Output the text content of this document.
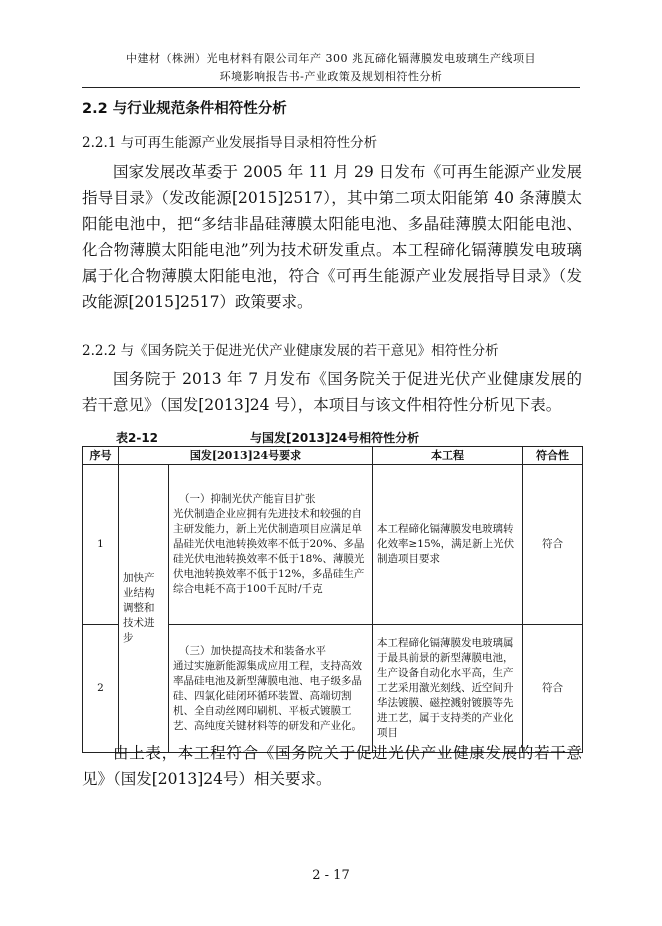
中建材（株洲）光电材料有限公司年产 300 兆瓦碲化镉薄膜发电玻璃生产线项目
环境影响报告书-产业政策及规划相符性分析
2.2 与行业规范条件相符性分析
2.2.1 与可再生能源产业发展指导目录相符性分析
国家发展改革委于 2005 年 11 月 29 日发布《可再生能源产业发展指导目录》（发改能源[2015]2517），其中第二项太阳能第 40 条薄膜太阳能电池中，把“多结非晶硅薄膜太阳能电池、多晶硅薄膜太阳能电池、化合物薄膜太阳能电池”列为技术研发重点。本工程碲化镉薄膜发电玻璃属于化合物薄膜太阳能电池，符合《可再生能源产业发展指导目录》（发改能源[2015]2517）政策要求。
2.2.2 与《国务院关于促进光伏产业健康发展的若干意见》相符性分析
国务院于 2013 年 7 月发布《国务院关于促进光伏产业健康发展的若干意见》（国发[2013]24 号），本项目与该文件相符性分析见下表。
表2-12	与国发[2013]24号相符性分析
序号	国发[2013]24号要求		本工程	符合性
1	加快产业结构调整和技术进步	（一）抑制光伏产能盲目扩张
光伏制造企业应拥有先进技术和较强的自主研发能力，新上光伏制造项目应满足单晶硅光伏电池转换效率不低于20%、多晶硅光伏电池转换效率不低于18%、薄膜光伏电池转换效率不低于12%，多晶硅生产综合电耗不高于100千瓦时/千克	本工程碲化镉薄膜发电玻璃转化效率≥15%，满足新上光伏制造项目要求	符合
2		（三）加快提高技术和装备水平
通过实施新能源集成应用工程，支持高效率晶硅电池及新型薄膜电池、电子级多晶硅、四氯化硅闭环循环装置、高端切割机、全自动丝网印刷机、平板式镀膜工艺、高纯度关键材料等的研发和产业化。	本工程碲化镉薄膜发电玻璃属于最具前景的新型薄膜电池，生产设备自动化水平高，生产工艺采用激光刻线、近空间升华法镀膜、磁控溅射镀膜等先进工艺，属于支持类的产业化项目	符合
由上表，本工程符合《国务院关于促进光伏产业健康发展的若干意见》（国发[2013]24号）相关要求。
2 - 17
